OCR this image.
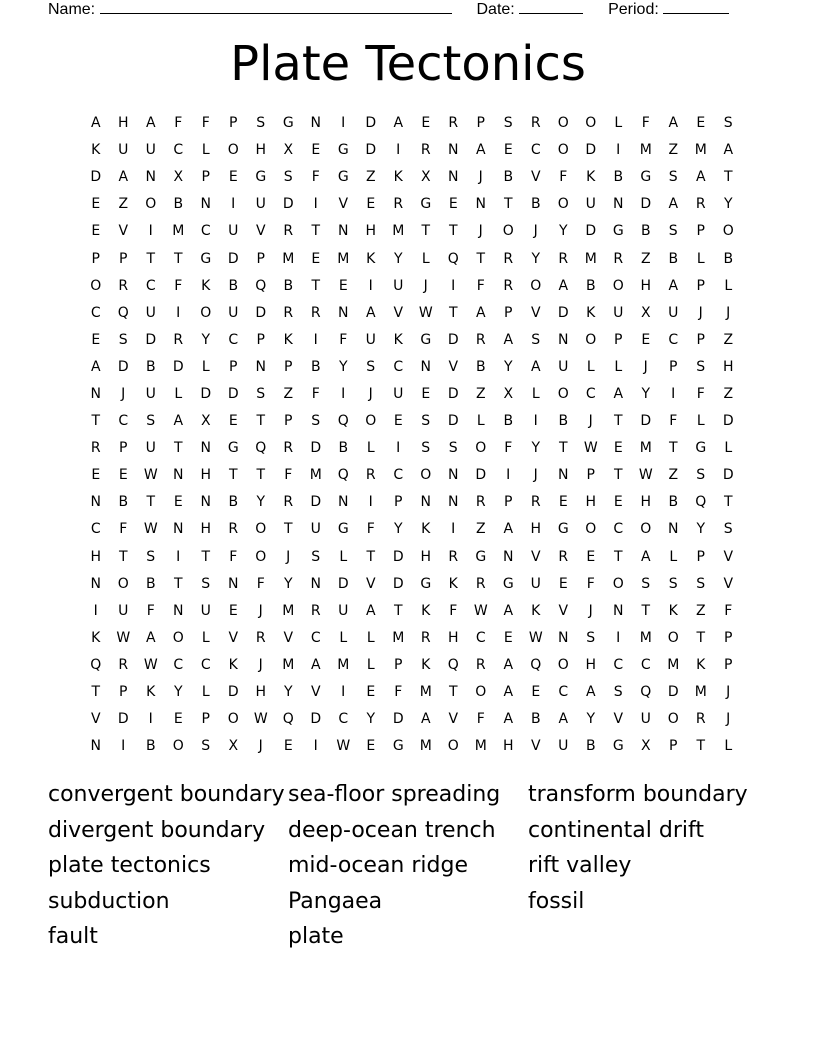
Name:	Date:	Period:
Plate Tectonics
A	H	A	F	F	P	S	G	N	I	D	A	E	R	P	S	R	O	O	L	F	A	E	S
K	U	U	C	L	O	H	X	E	G	D	I	R	N	A	E	C	O	D	I	M	Z	M	A
D	A	N	X	P	E	G	S	F	G	Z	K	X	N	J	B	V	F	K	B	G	S	A	T
E	Z	O	B	N	I	U	D	I	V	E	R	G	E	N	T	B	O	U	N	D	A	R	Y
E	V	I	M	C	U	V	R	T	N	H	M	T	T	J	O	J	Y	D	G	B	S	P	O
P	P	T	T	G	D	P	M	E	M	K	Y	L	Q	T	R	Y	R	M	R	Z	B	L	B
O	R	C	F	K	B	Q	B	T	E	I	U	J	I	F	R	O	A	B	O	H	A	P	L
C	Q	U	I	O	U	D	R	R	N	A	V	W	T	A	P	V	D	K	U	X	U	J	J
E	S	D	R	Y	C	P	K	I	F	U	K	G	D	R	A	S	N	O	P	E	C	P	Z
A	D	B	D	L	P	N	P	B	Y	S	C	N	V	B	Y	A	U	L	L	J	P	S	H
N	J	U	L	D	D	S	Z	F	I	J	U	E	D	Z	X	L	O	C	A	Y	I	F	Z
T	C	S	A	X	E	T	P	S	Q	O	E	S	D	L	B	I	B	J	T	D	F	L	D
R	P	U	T	N	G	Q	R	D	B	L	I	S	S	O	F	Y	T	W	E	M	T	G	L
E	E	W	N	H	T	T	F	M	Q	R	C	O	N	D	I	J	N	P	T	W	Z	S	D
N	B	T	E	N	B	Y	R	D	N	I	P	N	N	R	P	R	E	H	E	H	B	Q	T
C	F	W	N	H	R	O	T	U	G	F	Y	K	I	Z	A	H	G	O	C	O	N	Y	S
H	T	S	I	T	F	O	J	S	L	T	D	H	R	G	N	V	R	E	T	A	L	P	V
N	O	B	T	S	N	F	Y	N	D	V	D	G	K	R	G	U	E	F	O	S	S	S	V
I	U	F	N	U	E	J	M	R	U	A	T	K	F	W	A	K	V	J	N	T	K	Z	F
K	W	A	O	L	V	R	V	C	L	L	M	R	H	C	E	W	N	S	I	M	O	T	P
Q	R	W	C	C	K	J	M	A	M	L	P	K	Q	R	A	Q	O	H	C	C	M	K	P
T	P	K	Y	L	D	H	Y	V	I	E	F	M	T	O	A	E	C	A	S	Q	D	M	J
V	D	I	E	P	O	W	Q	D	C	Y	D	A	V	F	A	B	A	Y	V	U	O	R	J
N	I	B	O	S	X	J	E	I	W	E	G	M	O	M	H	V	U	B	G	X	P	T	L
convergent boundary
divergent boundary
plate tectonics
subduction
fault
sea-floor spreading
deep-ocean trench
mid-ocean ridge
Pangaea
plate
transform boundary
continental drift
rift valley
fossil
